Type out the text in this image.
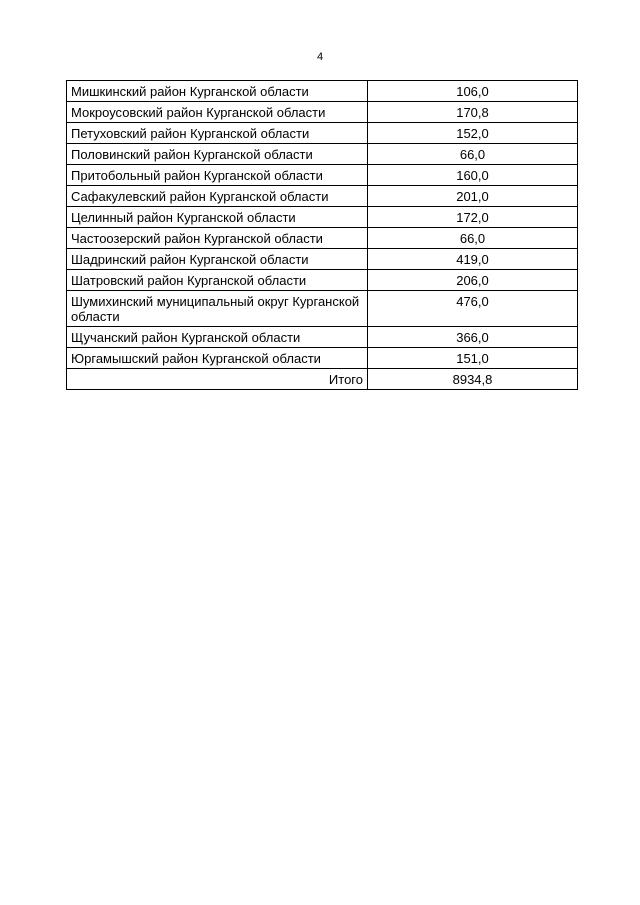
4
Мишкинский район Курганской области	106,0
Мокроусовский район Курганской области	170,8
Петуховский район Курганской области	152,0
Половинский район Курганской области	66,0
Притобольный район Курганской области	160,0
Сафакулевский район Курганской области	201,0
Целинный район Курганской области	172,0
Частоозерский район Курганской области	66,0
Шадринский район Курганской области	419,0
Шатровский район Курганской области	206,0
Шумихинский муниципальный округ Курганской области	476,0
Щучанский район Курганской области	366,0
Юргамышский район Курганской области	151,0
Итого	8934,8
